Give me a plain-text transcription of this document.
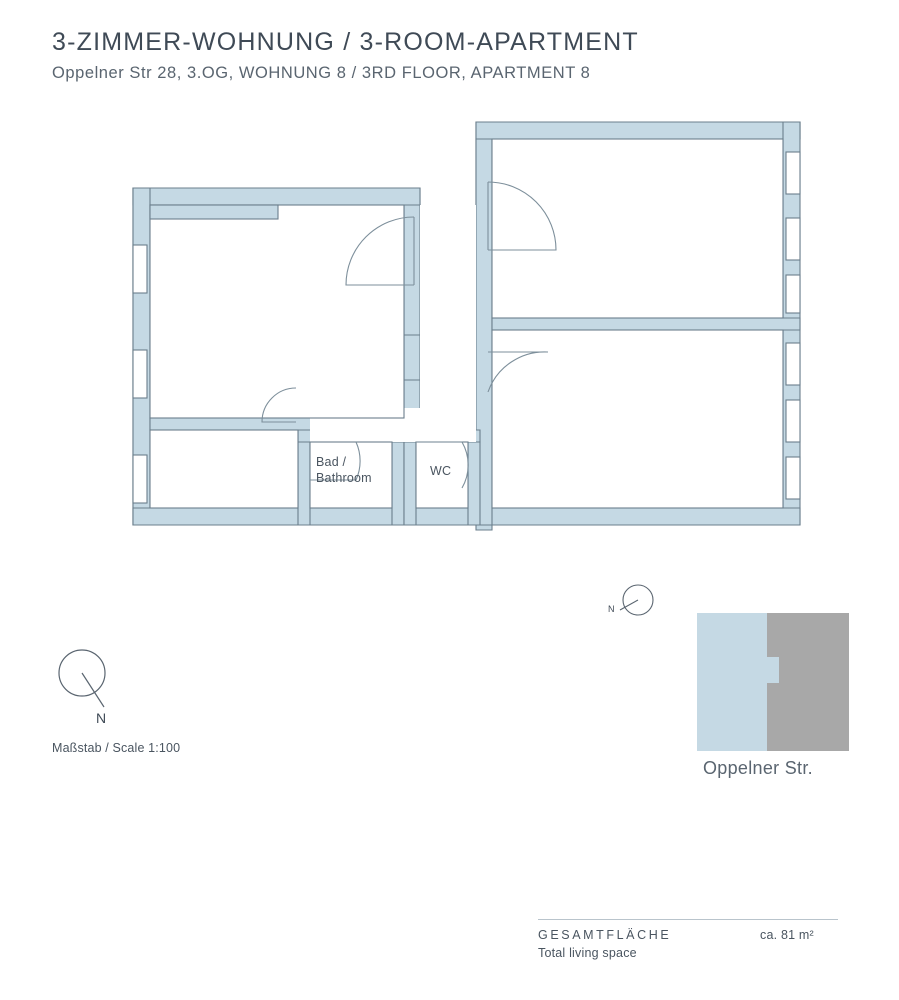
3-ZIMMER-WOHNUNG / 3-ROOM-APARTMENT
Oppelner Str 28, 3.OG, WOHNUNG 8 / 3RD FLOOR, APARTMENT 8
Bad /
Bathroom	WC
N
Maßstab / Scale 1:100
N
Oppelner Str.
GESAMTFLÄCHE
Total living space
ca. 81 m²
